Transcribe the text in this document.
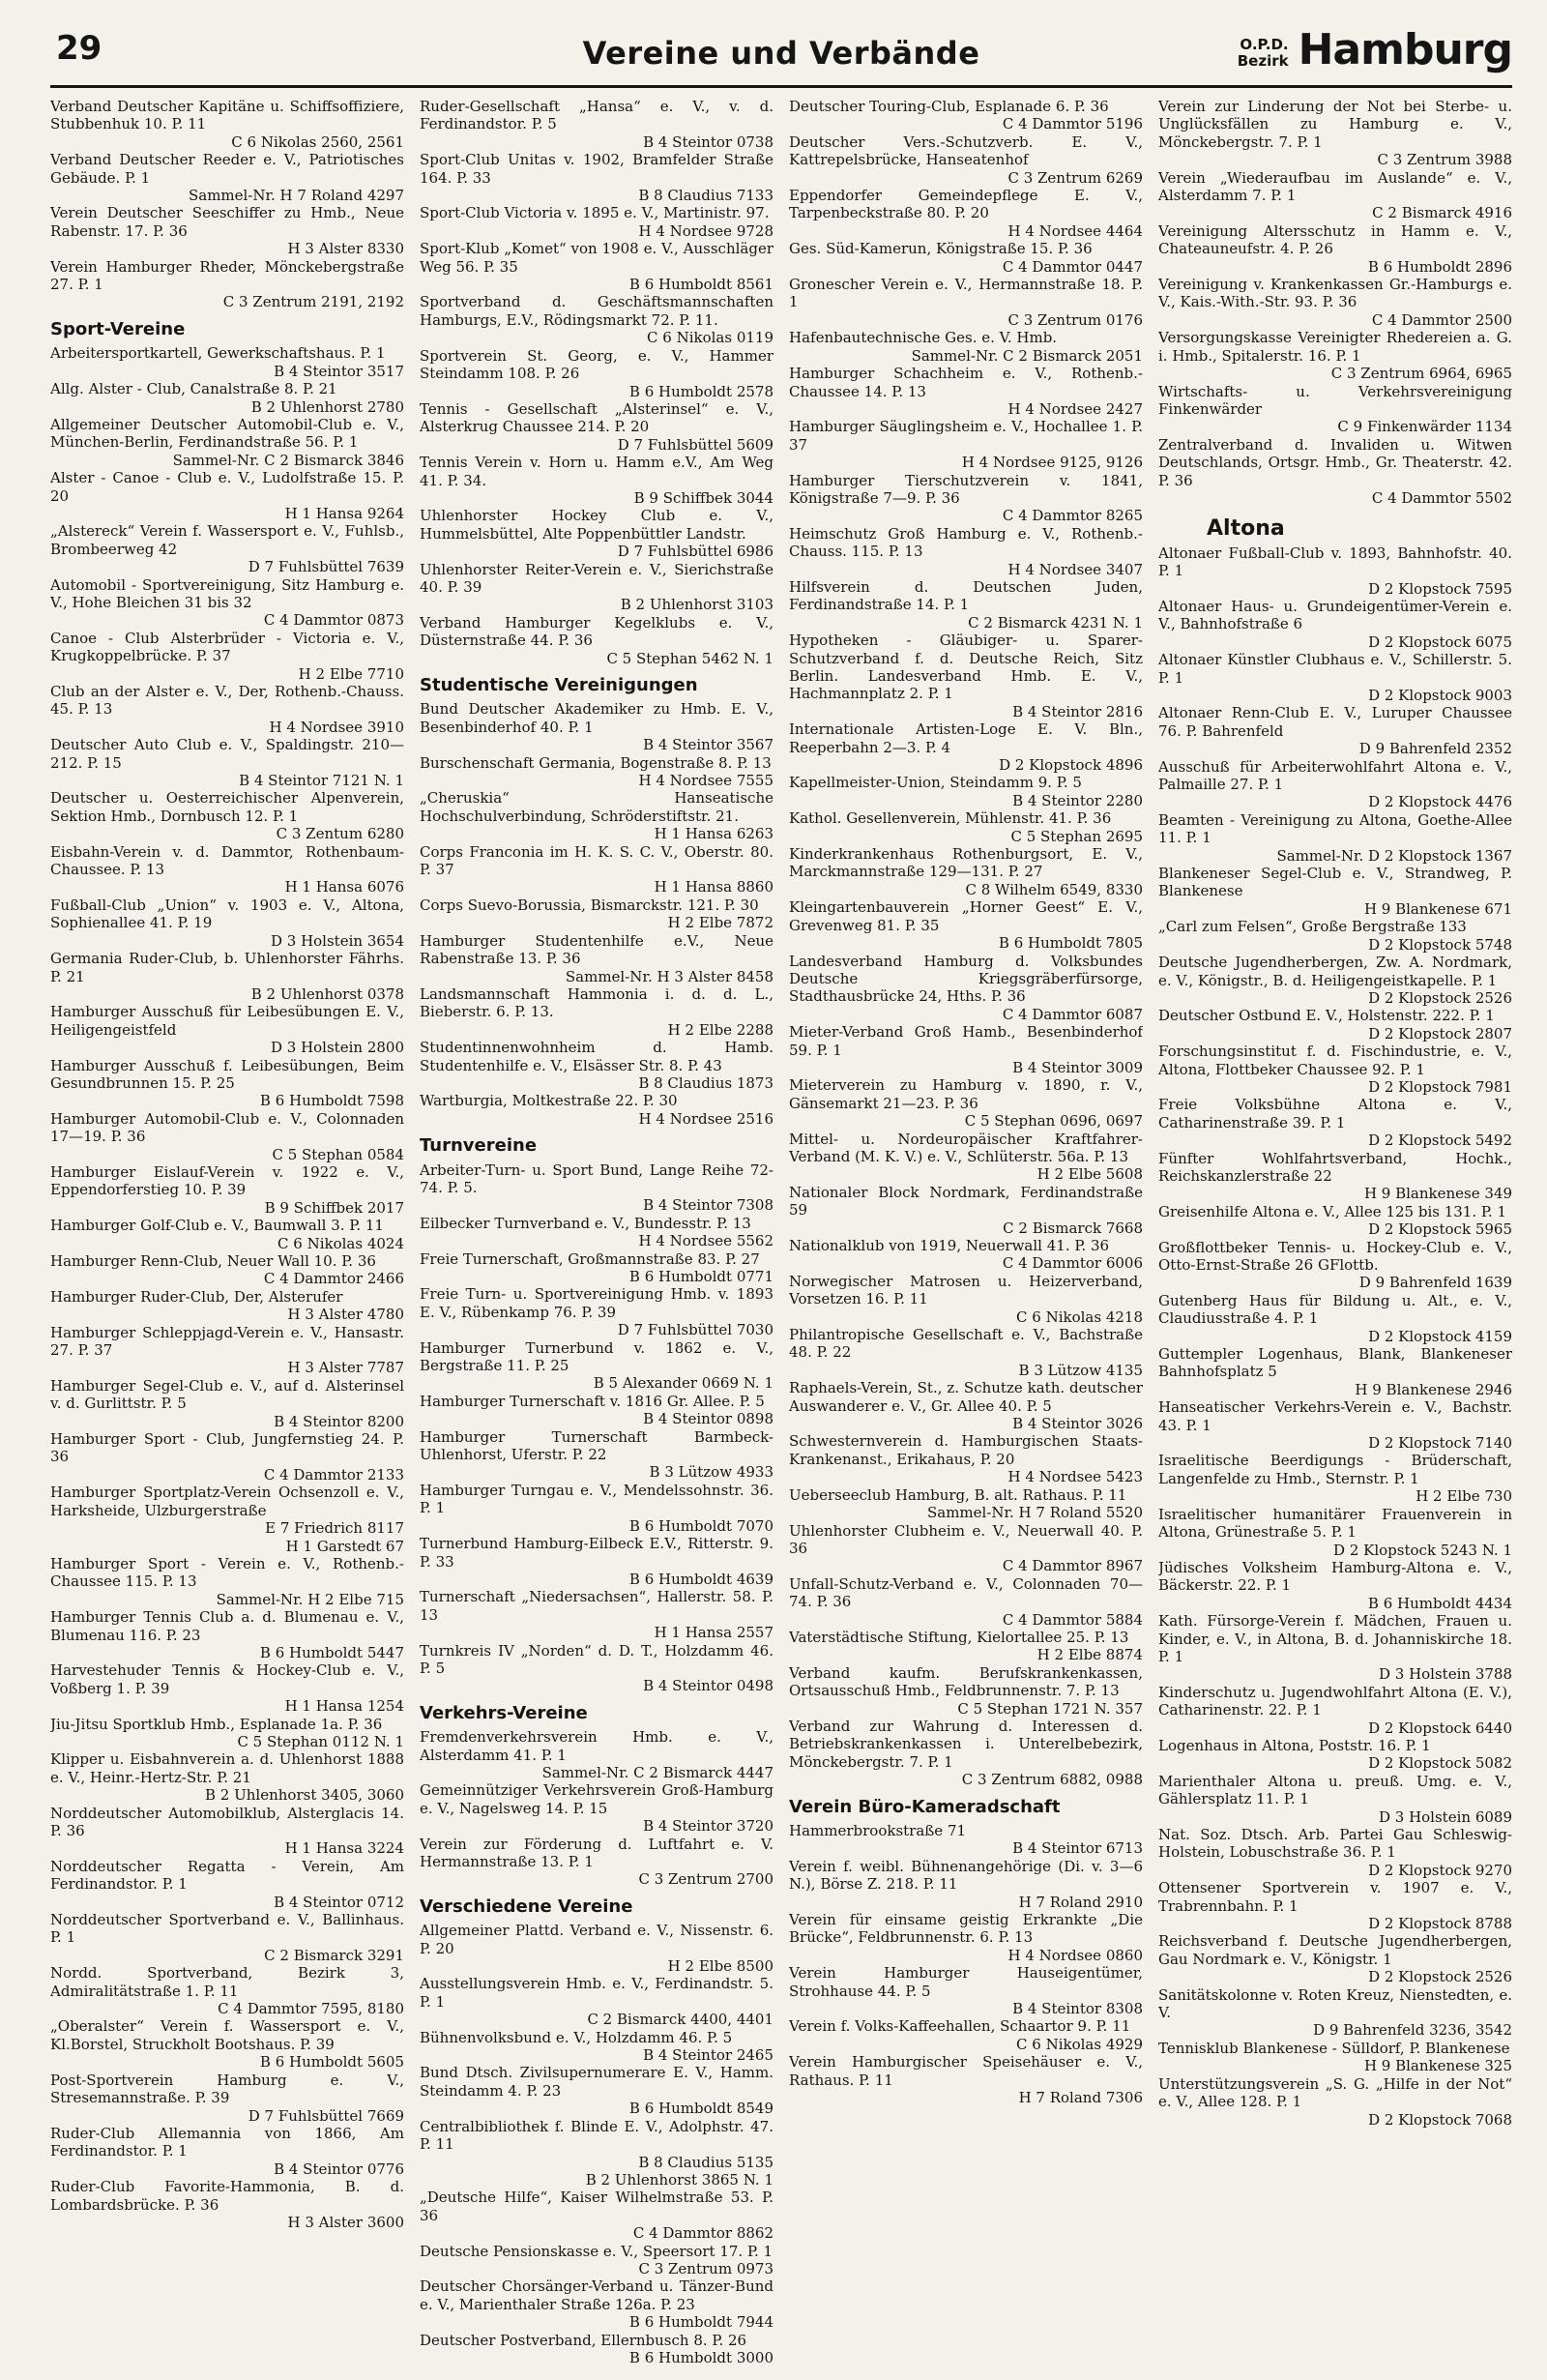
29	Vereine und Verbände	O.P.D.
Bezirk Hamburg
Verband Deutscher Kapitäne u. Schiffsoffiziere, Stubbenhuk 10. P. 11
C 6 Nikolas 2560, 2561
Verband Deutscher Reeder e. V., Patriotisches Gebäude. P. 1
Sammel-Nr. H 7 Roland 4297
Verein Deutscher Seeschiffer zu Hmb., Neue Rabenstr. 17. P. 36
H 3 Alster 8330
Verein Hamburger Rheder, Mönckebergstraße 27. P. 1
C 3 Zentrum 2191, 2192
Sport-Vereine
Arbeitersportkartell, Gewerkschaftshaus. P. 1
B 4 Steintor 3517
Allg. Alster - Club, Canalstraße 8. P. 21
B 2 Uhlenhorst 2780
Allgemeiner Deutscher Automobil-Club e. V., München-Berlin, Ferdinandstraße 56. P. 1
Sammel-Nr. C 2 Bismarck 3846
Alster - Canoe - Club e. V., Ludolfstraße 15. P. 20
H 1 Hansa 9264
„Alstereck“ Verein f. Wassersport e. V., Fuhlsb., Brombeerweg 42
D 7 Fuhlsbüttel 7639
Automobil - Sportvereinigung, Sitz Hamburg e. V., Hohe Bleichen 31 bis 32
C 4 Dammtor 0873
Canoe - Club Alsterbrüder - Victoria e. V., Krugkoppelbrücke. P. 37
H 2 Elbe 7710
Club an der Alster e. V., Der, Rothenb.-Chauss. 45. P. 13
H 4 Nordsee 3910
Deutscher Auto Club e. V., Spaldingstr. 210—212. P. 15
B 4 Steintor 7121 N. 1
Deutscher u. Oesterreichischer Alpenverein, Sektion Hmb., Dornbusch 12. P. 1
C 3 Zentum 6280
Eisbahn-Verein v. d. Dammtor, Rothenbaum-Chaussee. P. 13
H 1 Hansa 6076
Fußball-Club „Union“ v. 1903 e. V., Altona, Sophienallee 41. P. 19
D 3 Holstein 3654
Germania Ruder-Club, b. Uhlenhorster Fährhs. P. 21
B 2 Uhlenhorst 0378
Hamburger Ausschuß für Leibesübungen E. V., Heiligengeistfeld
D 3 Holstein 2800
Hamburger Ausschuß f. Leibesübungen, Beim Gesundbrunnen 15. P. 25
B 6 Humboldt 7598
Hamburger Automobil-Club e. V., Colonnaden 17—19. P. 36
C 5 Stephan 0584
Hamburger Eislauf-Verein v. 1922 e. V., Eppendorferstieg 10. P. 39
B 9 Schiffbek 2017
Hamburger Golf-Club e. V., Baumwall 3. P. 11
C 6 Nikolas 4024
Hamburger Renn-Club, Neuer Wall 10. P. 36
C 4 Dammtor 2466
Hamburger Ruder-Club, Der, Alsterufer
H 3 Alster 4780
Hamburger Schleppjagd-Verein e. V., Hansastr. 27. P. 37
H 3 Alster 7787
Hamburger Segel-Club e. V., auf d. Alsterinsel v. d. Gurlittstr. P. 5
B 4 Steintor 8200
Hamburger Sport - Club, Jungfernstieg 24. P. 36
C 4 Dammtor 2133
Hamburger Sportplatz-Verein Ochsenzoll e. V., Harksheide, Ulzburgerstraße
E 7 Friedrich 8117
H 1 Garstedt 67
Hamburger Sport - Verein e. V., Rothenb.-Chaussee 115. P. 13
Sammel-Nr. H 2 Elbe 715
Hamburger Tennis Club a. d. Blumenau e. V., Blumenau 116. P. 23
B 6 Humboldt 5447
Harvestehuder Tennis & Hockey-Club e. V., Voßberg 1. P. 39
H 1 Hansa 1254
Jiu-Jitsu Sportklub Hmb., Esplanade 1a. P. 36
C 5 Stephan 0112 N. 1
Klipper u. Eisbahnverein a. d. Uhlenhorst 1888 e. V., Heinr.-Hertz-Str. P. 21
B 2 Uhlenhorst 3405, 3060
Norddeutscher Automobilklub, Alsterglacis 14. P. 36
H 1 Hansa 3224
Norddeutscher Regatta - Verein, Am Ferdinandstor. P. 1
B 4 Steintor 0712
Norddeutscher Sportverband e. V., Ballinhaus. P. 1
C 2 Bismarck 3291
Nordd. Sportverband, Bezirk 3, Admiralitätstraße 1. P. 11
C 4 Dammtor 7595, 8180
„Oberalster“ Verein f. Wassersport e. V., Kl.Borstel, Struckholt Bootshaus. P. 39
B 6 Humboldt 5605
Post-Sportverein Hamburg e. V., Stresemannstraße. P. 39
D 7 Fuhlsbüttel 7669
Ruder-Club Allemannia von 1866, Am Ferdinandstor. P. 1
B 4 Steintor 0776
Ruder-Club Favorite-Hammonia, B. d. Lombardsbrücke. P. 36
H 3 Alster 3600
Ruder-Gesellschaft „Hansa“ e. V., v. d. Ferdinandstor. P. 5
B 4 Steintor 0738
Sport-Club Unitas v. 1902, Bramfelder Straße 164. P. 33
B 8 Claudius 7133
Sport-Club Victoria v. 1895 e. V., Martinistr. 97.
H 4 Nordsee 9728
Sport-Klub „Komet“ von 1908 e. V., Ausschläger Weg 56. P. 35
B 6 Humboldt 8561
Sportverband d. Geschäftsmannschaften Hamburgs, E.V., Rödingsmarkt 72. P. 11.
C 6 Nikolas 0119
Sportverein St. Georg, e. V., Hammer Steindamm 108. P. 26
B 6 Humboldt 2578
Tennis - Gesellschaft „Alsterinsel“ e. V., Alsterkrug Chaussee 214. P. 20
D 7 Fuhlsbüttel 5609
Tennis Verein v. Horn u. Hamm e.V., Am Weg 41. P. 34.
B 9 Schiffbek 3044
Uhlenhorster Hockey Club e. V., Hummelsbüttel, Alte Poppenbüttler Landstr.
D 7 Fuhlsbüttel 6986
Uhlenhorster Reiter-Verein e. V., Sierichstraße 40. P. 39
B 2 Uhlenhorst 3103
Verband Hamburger Kegelklubs e. V., Düsternstraße 44. P. 36
C 5 Stephan 5462 N. 1
Studentische Vereinigungen
Bund Deutscher Akademiker zu Hmb. E. V., Besenbinderhof 40. P. 1
B 4 Steintor 3567
Burschenschaft Germania, Bogenstraße 8. P. 13
H 4 Nordsee 7555
„Cheruskia“ Hanseatische Hochschulverbindung, Schröderstiftstr. 21.
H 1 Hansa 6263
Corps Franconia im H. K. S. C. V., Oberstr. 80. P. 37
H 1 Hansa 8860
Corps Suevo-Borussia, Bismarckstr. 121. P. 30
H 2 Elbe 7872
Hamburger Studentenhilfe e.V., Neue Rabenstraße 13. P. 36
Sammel-Nr. H 3 Alster 8458
Landsmannschaft Hammonia i. d. d. L., Bieberstr. 6. P. 13.
H 2 Elbe 2288
Studentinnenwohnheim d. Hamb. Studentenhilfe e. V., Elsässer Str. 8. P. 43
B 8 Claudius 1873
Wartburgia, Moltkestraße 22. P. 30
H 4 Nordsee 2516
Turnvereine
Arbeiter-Turn- u. Sport Bund, Lange Reihe 72-74. P. 5.
B 4 Steintor 7308
Eilbecker Turnverband e. V., Bundesstr. P. 13
H 4 Nordsee 5562
Freie Turnerschaft, Großmannstraße 83. P. 27
B 6 Humboldt 0771
Freie Turn- u. Sportvereinigung Hmb. v. 1893 E. V., Rübenkamp 76. P. 39
D 7 Fuhlsbüttel 7030
Hamburger Turnerbund v. 1862 e. V., Bergstraße 11. P. 25
B 5 Alexander 0669 N. 1
Hamburger Turnerschaft v. 1816 Gr. Allee. P. 5
B 4 Steintor 0898
Hamburger Turnerschaft Barmbeck-Uhlenhorst, Uferstr. P. 22
B 3 Lützow 4933
Hamburger Turngau e. V., Mendelssohnstr. 36. P. 1
B 6 Humboldt 7070
Turnerbund Hamburg-Eilbeck E.V., Ritterstr. 9. P. 33
B 6 Humboldt 4639
Turnerschaft „Niedersachsen“, Hallerstr. 58. P. 13
H 1 Hansa 2557
Turnkreis IV „Norden“ d. D. T., Holzdamm 46. P. 5
B 4 Steintor 0498
Verkehrs-Vereine
Fremdenverkehrsverein Hmb. e. V., Alsterdamm 41. P. 1
Sammel-Nr. C 2 Bismarck 4447
Gemeinnütziger Verkehrsverein Groß-Hamburg e. V., Nagelsweg 14. P. 15
B 4 Steintor 3720
Verein zur Förderung d. Luftfahrt e. V. Hermannstraße 13. P. 1
C 3 Zentrum 2700
Verschiedene Vereine
Allgemeiner Plattd. Verband e. V., Nissenstr. 6. P. 20
H 2 Elbe 8500
Ausstellungsverein Hmb. e. V., Ferdinandstr. 5. P. 1
C 2 Bismarck 4400, 4401
Bühnenvolksbund e. V., Holzdamm 46. P. 5
B 4 Steintor 2465
Bund Dtsch. Zivilsupernumerare E. V., Hamm. Steindamm 4. P. 23
B 6 Humboldt 8549
Centralbibliothek f. Blinde E. V., Adolphstr. 47. P. 11
B 8 Claudius 5135
B 2 Uhlenhorst 3865 N. 1
„Deutsche Hilfe“, Kaiser Wilhelmstraße 53. P. 36
C 4 Dammtor 8862
Deutsche Pensionskasse e. V., Speersort 17. P. 1
C 3 Zentrum 0973
Deutscher Chorsänger-Verband u. Tänzer-Bund e. V., Marienthaler Straße 126a. P. 23
B 6 Humboldt 7944
Deutscher Postverband, Ellernbusch 8. P. 26
B 6 Humboldt 3000
Deutscher Touring-Club, Esplanade 6. P. 36
C 4 Dammtor 5196
Deutscher Vers.-Schutzverb. E. V., Kattrepelsbrücke, Hanseatenhof
C 3 Zentrum 6269
Eppendorfer Gemeindepflege E. V., Tarpenbeckstraße 80. P. 20
H 4 Nordsee 4464
Ges. Süd-Kamerun, Königstraße 15. P. 36
C 4 Dammtor 0447
Gronescher Verein e. V., Hermannstraße 18. P. 1
C 3 Zentrum 0176
Hafenbautechnische Ges. e. V. Hmb.
Sammel-Nr. C 2 Bismarck 2051
Hamburger Schachheim e. V., Rothenb.-Chaussee 14. P. 13
H 4 Nordsee 2427
Hamburger Säuglingsheim e. V., Hochallee 1. P. 37
H 4 Nordsee 9125, 9126
Hamburger Tierschutzverein v. 1841, Königstraße 7—9. P. 36
C 4 Dammtor 8265
Heimschutz Groß Hamburg e. V., Rothenb.-Chauss. 115. P. 13
H 4 Nordsee 3407
Hilfsverein d. Deutschen Juden, Ferdinandstraße 14. P. 1
C 2 Bismarck 4231 N. 1
Hypotheken - Gläubiger- u. Sparer-Schutzverband f. d. Deutsche Reich, Sitz Berlin. Landesverband Hmb. E. V., Hachmannplatz 2. P. 1
B 4 Steintor 2816
Internationale Artisten-Loge E. V. Bln., Reeperbahn 2—3. P. 4
D 2 Klopstock 4896
Kapellmeister-Union, Steindamm 9. P. 5
B 4 Steintor 2280
Kathol. Gesellenverein, Mühlenstr. 41. P. 36
C 5 Stephan 2695
Kinderkrankenhaus Rothenburgsort, E. V., Marckmannstraße 129—131. P. 27
C 8 Wilhelm 6549, 8330
Kleingartenbauverein „Horner Geest“ E. V., Grevenweg 81. P. 35
B 6 Humboldt 7805
Landesverband Hamburg d. Volksbundes Deutsche Kriegsgräberfürsorge, Stadthausbrücke 24, Hths. P. 36
C 4 Dammtor 6087
Mieter-Verband Groß Hamb., Besenbinderhof 59. P. 1
B 4 Steintor 3009
Mieterverein zu Hamburg v. 1890, r. V., Gänsemarkt 21—23. P. 36
C 5 Stephan 0696, 0697
Mittel- u. Nordeuropäischer Kraftfahrer-Verband (M. K. V.) e. V., Schlüterstr. 56a. P. 13
H 2 Elbe 5608
Nationaler Block Nordmark, Ferdinandstraße 59
C 2 Bismarck 7668
Nationalklub von 1919, Neuerwall 41. P. 36
C 4 Dammtor 6006
Norwegischer Matrosen u. Heizerverband, Vorsetzen 16. P. 11
C 6 Nikolas 4218
Philantropische Gesellschaft e. V., Bachstraße 48. P. 22
B 3 Lützow 4135
Raphaels-Verein, St., z. Schutze kath. deutscher Auswanderer e. V., Gr. Allee 40. P. 5
B 4 Steintor 3026
Schwesternverein d. Hamburgischen Staats-Krankenanst., Erikahaus, P. 20
H 4 Nordsee 5423
Ueberseeclub Hamburg, B. alt. Rathaus. P. 11
Sammel-Nr. H 7 Roland 5520
Uhlenhorster Clubheim e. V., Neuerwall 40. P. 36
C 4 Dammtor 8967
Unfall-Schutz-Verband e. V., Colonnaden 70—74. P. 36
C 4 Dammtor 5884
Vaterstädtische Stiftung, Kielortallee 25. P. 13
H 2 Elbe 8874
Verband kaufm. Berufskrankenkassen, Ortsausschuß Hmb., Feldbrunnenstr. 7. P. 13
C 5 Stephan 1721 N. 357
Verband zur Wahrung d. Interessen d. Betriebskrankenkassen i. Unterelbebezirk, Mönckebergstr. 7. P. 1
C 3 Zentrum 6882, 0988
Verein Büro-Kameradschaft
Hammerbrookstraße 71
B 4 Steintor 6713
Verein f. weibl. Bühnenangehörige (Di. v. 3—6 N.), Börse Z. 218. P. 11
H 7 Roland 2910
Verein für einsame geistig Erkrankte „Die Brücke“, Feldbrunnenstr. 6. P. 13
H 4 Nordsee 0860
Verein Hamburger Hauseigentümer, Strohhause 44. P. 5
B 4 Steintor 8308
Verein f. Volks-Kaffeehallen, Schaartor 9. P. 11
C 6 Nikolas 4929
Verein Hamburgischer Speisehäuser e. V., Rathaus. P. 11
H 7 Roland 7306
Verein zur Linderung der Not bei Sterbe- u. Unglücksfällen zu Hamburg e. V., Mönckebergstr. 7. P. 1
C 3 Zentrum 3988
Verein „Wiederaufbau im Auslande“ e. V., Alsterdamm 7. P. 1
C 2 Bismarck 4916
Vereinigung Altersschutz in Hamm e. V., Chateauneufstr. 4. P. 26
B 6 Humboldt 2896
Vereinigung v. Krankenkassen Gr.-Hamburgs e. V., Kais.-With.-Str. 93. P. 36
C 4 Dammtor 2500
Versorgungskasse Vereinigter Rhedereien a. G. i. Hmb., Spitalerstr. 16. P. 1
C 3 Zentrum 6964, 6965
Wirtschafts- u. Verkehrsvereinigung Finkenwärder
C 9 Finkenwärder 1134
Zentralverband d. Invaliden u. Witwen Deutschlands, Ortsgr. Hmb., Gr. Theaterstr. 42. P. 36
C 4 Dammtor 5502
Altona
Altonaer Fußball-Club v. 1893, Bahnhofstr. 40. P. 1
D 2 Klopstock 7595
Altonaer Haus- u. Grundeigentümer-Verein e. V., Bahnhofstraße 6
D 2 Klopstock 6075
Altonaer Künstler Clubhaus e. V., Schillerstr. 5. P. 1
D 2 Klopstock 9003
Altonaer Renn-Club E. V., Luruper Chaussee 76. P. Bahrenfeld
D 9 Bahrenfeld 2352
Ausschuß für Arbeiterwohlfahrt Altona e. V., Palmaille 27. P. 1
D 2 Klopstock 4476
Beamten - Vereinigung zu Altona, Goethe-Allee 11. P. 1
Sammel-Nr. D 2 Klopstock 1367
Blankeneser Segel-Club e. V., Strandweg, P. Blankenese
H 9 Blankenese 671
„Carl zum Felsen“, Große Bergstraße 133
D 2 Klopstock 5748
Deutsche Jugendherbergen, Zw. A. Nordmark, e. V., Königstr., B. d. Heiligengeistkapelle. P. 1
D 2 Klopstock 2526
Deutscher Ostbund E. V., Holstenstr. 222. P. 1
D 2 Klopstock 2807
Forschungsinstitut f. d. Fischindustrie, e. V., Altona, Flottbeker Chaussee 92. P. 1
D 2 Klopstock 7981
Freie Volksbühne Altona e. V., Catharinenstraße 39. P. 1
D 2 Klopstock 5492
Fünfter Wohlfahrtsverband, Hochk., Reichskanzlerstraße 22
H 9 Blankenese 349
Greisenhilfe Altona e. V., Allee 125 bis 131. P. 1
D 2 Klopstock 5965
Großflottbeker Tennis- u. Hockey-Club e. V., Otto-Ernst-Straße 26 GFlottb.
D 9 Bahrenfeld 1639
Gutenberg Haus für Bildung u. Alt., e. V., Claudiusstraße 4. P. 1
D 2 Klopstock 4159
Guttempler Logenhaus, Blank, Blankeneser Bahnhofsplatz 5
H 9 Blankenese 2946
Hanseatischer Verkehrs-Verein e. V., Bachstr. 43. P. 1
D 2 Klopstock 7140
Israelitische Beerdigungs - Brüderschaft, Langenfelde zu Hmb., Sternstr. P. 1
H 2 Elbe 730
Israelitischer humanitärer Frauenverein in Altona, Grünestraße 5. P. 1
D 2 Klopstock 5243 N. 1
Jüdisches Volksheim Hamburg-Altona e. V., Bäckerstr. 22. P. 1
B 6 Humboldt 4434
Kath. Fürsorge-Verein f. Mädchen, Frauen u. Kinder, e. V., in Altona, B. d. Johanniskirche 18. P. 1
D 3 Holstein 3788
Kinderschutz u. Jugendwohlfahrt Altona (E. V.), Catharinenstr. 22. P. 1
D 2 Klopstock 6440
Logenhaus in Altona, Poststr. 16. P. 1
D 2 Klopstock 5082
Marienthaler Altona u. preuß. Umg. e. V., Gählersplatz 11. P. 1
D 3 Holstein 6089
Nat. Soz. Dtsch. Arb. Partei Gau Schleswig-Holstein, Lobuschstraße 36. P. 1
D 2 Klopstock 9270
Ottensener Sportverein v. 1907 e. V., Trabrennbahn. P. 1
D 2 Klopstock 8788
Reichsverband f. Deutsche Jugendherbergen, Gau Nordmark e. V., Königstr. 1
D 2 Klopstock 2526
Sanitätskolonne v. Roten Kreuz, Nienstedten, e. V.
D 9 Bahrenfeld 3236, 3542
Tennisklub Blankenese - Sülldorf, P. Blankenese
H 9 Blankenese 325
Unterstützungsverein „S. G. „Hilfe in der Not“ e. V., Allee 128. P. 1
D 2 Klopstock 7068
